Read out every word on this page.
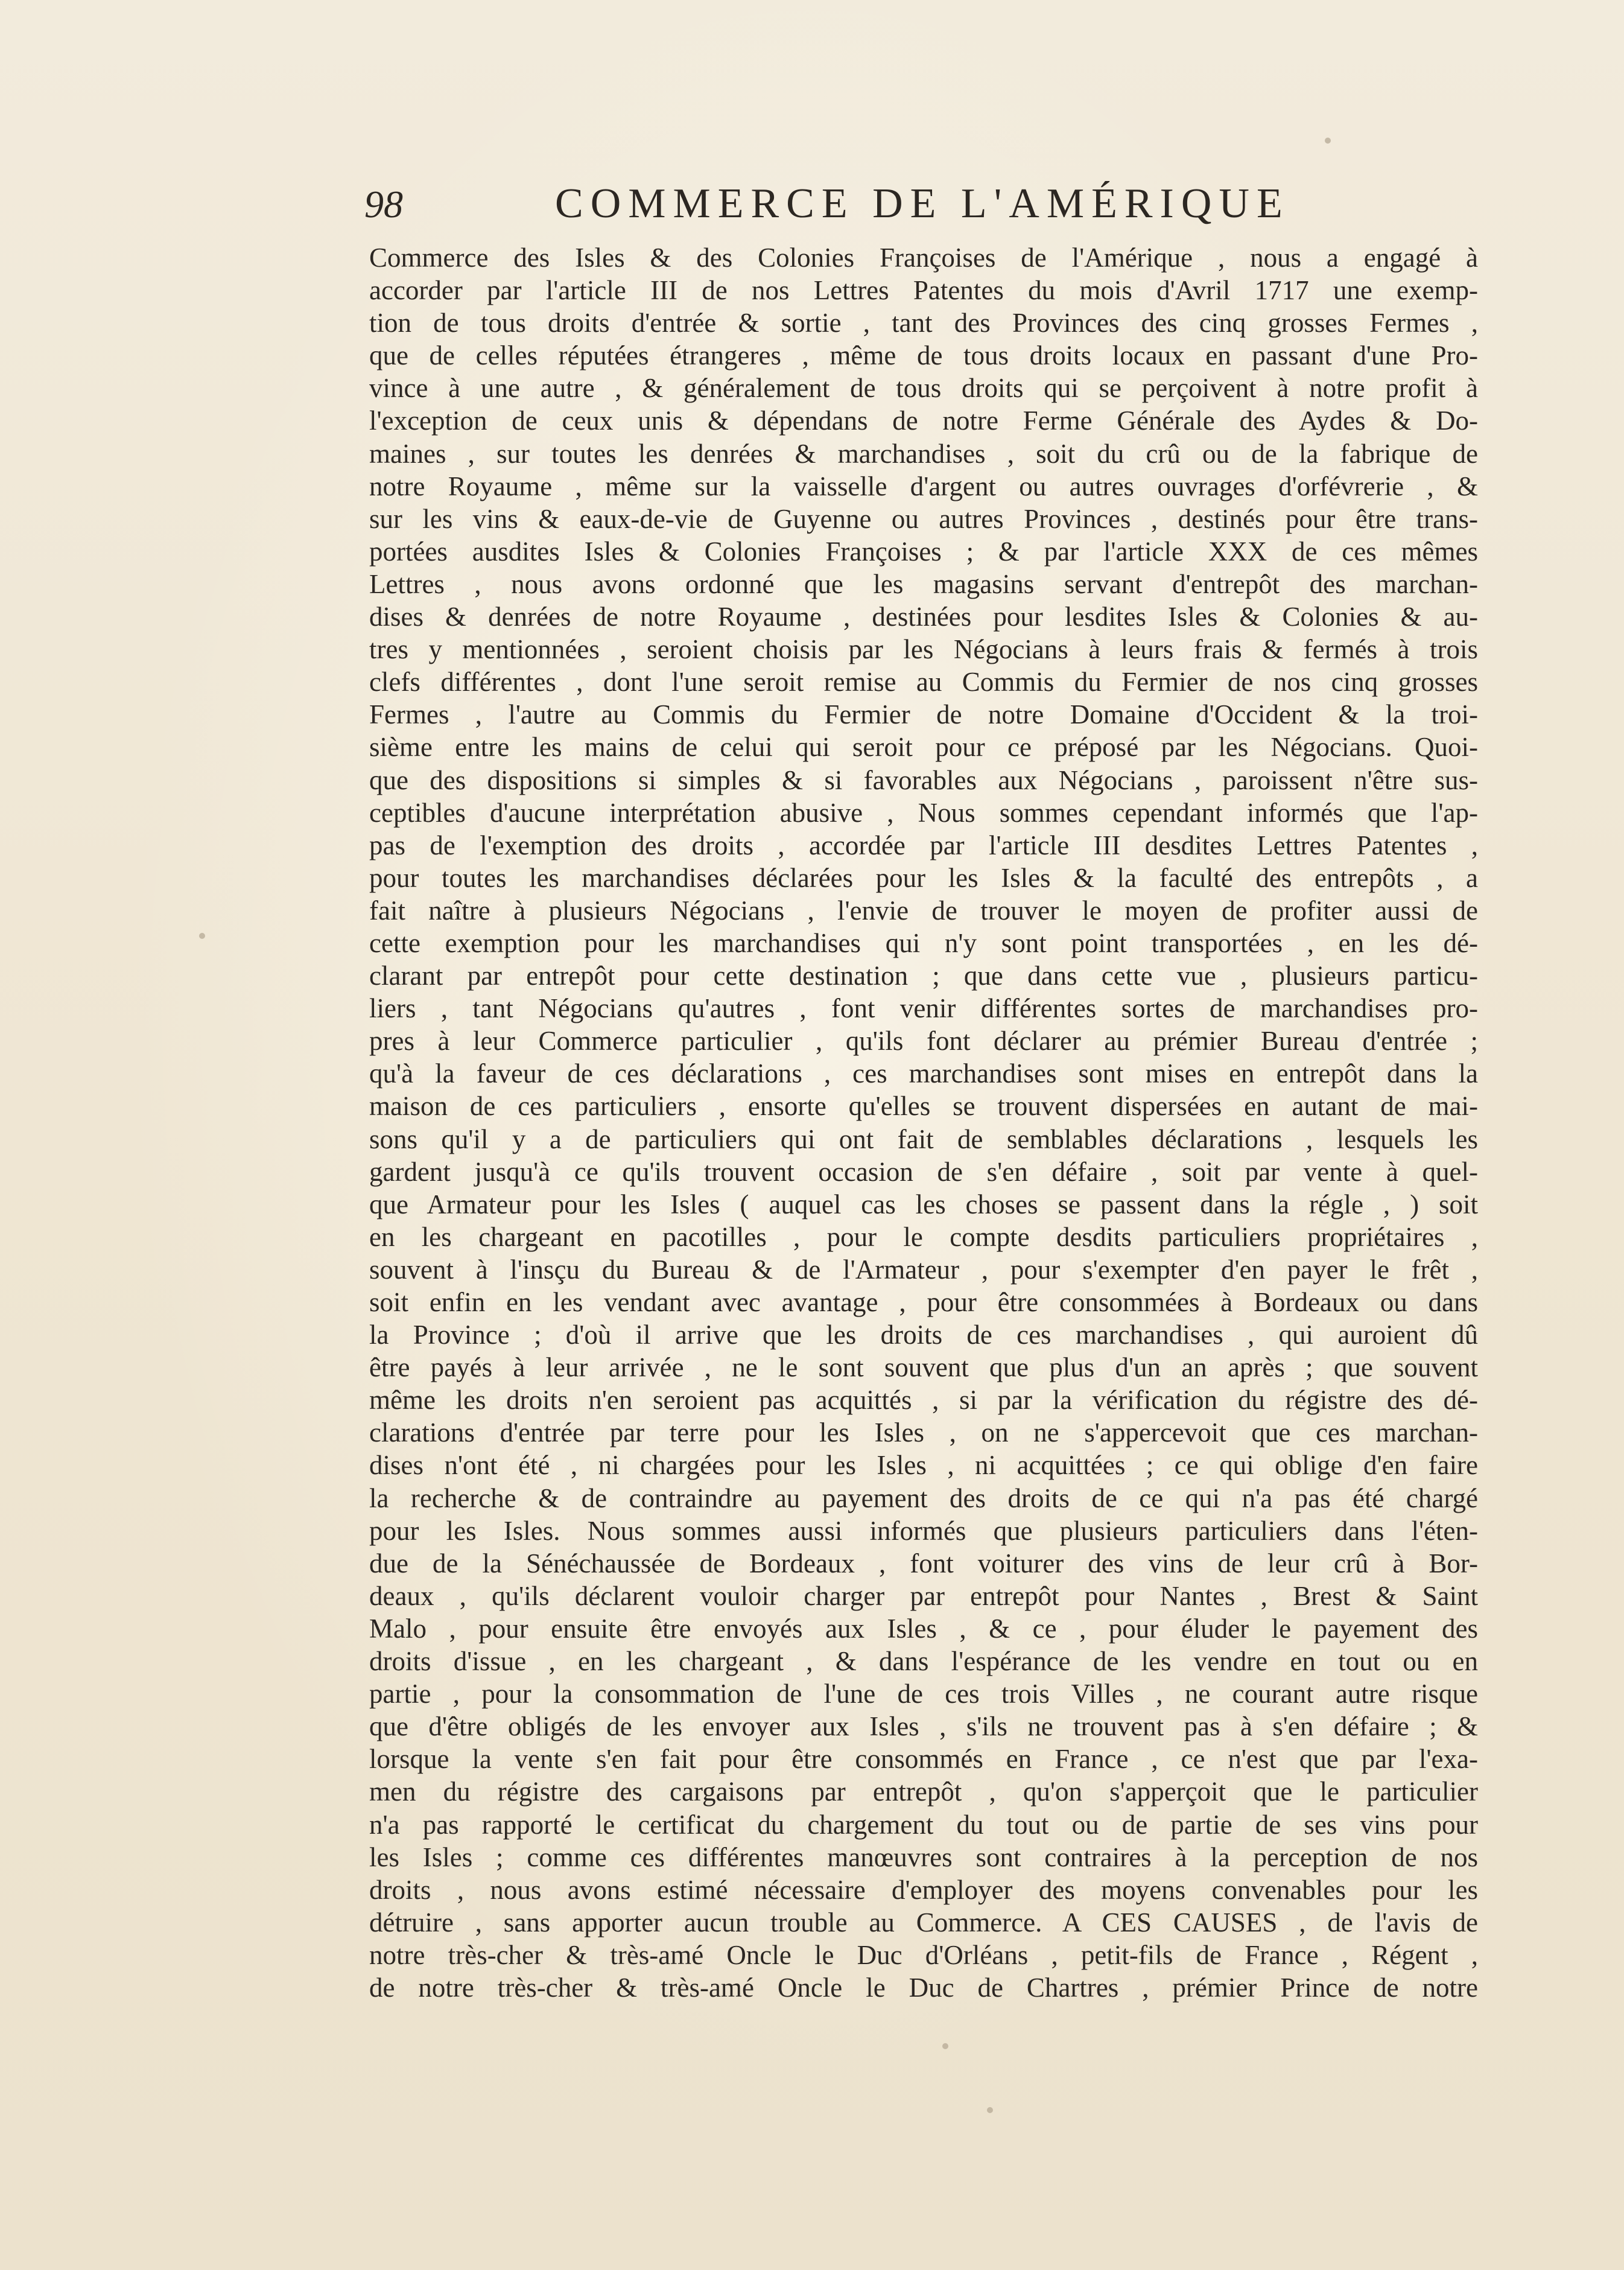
98	COMMERCE DE L'AMÉRIQUE
Commerce des Isles & des Colonies Françoises de l'Amérique , nous a engagé à
accorder par l'article III de nos Lettres Patentes du mois d'Avril 1717 une exemp-
tion de tous droits d'entrée & sortie , tant des Provinces des cinq grosses Fermes ,
que de celles réputées étrangeres , même de tous droits locaux en passant d'une Pro-
vince à une autre , & généralement de tous droits qui se perçoivent à notre profit à
l'exception de ceux unis & dépendans de notre Ferme Générale des Aydes & Do-
maines , sur toutes les denrées & marchandises , soit du crû ou de la fabrique de
notre Royaume , même sur la vaisselle d'argent ou autres ouvrages d'orfévrerie , &
sur les vins & eaux-de-vie de Guyenne ou autres Provinces , destinés pour être trans-
portées ausdites Isles & Colonies Françoises ; & par l'article XXX de ces mêmes
Lettres , nous avons ordonné que les magasins servant d'entrepôt des marchan-
dises & denrées de notre Royaume , destinées pour lesdites Isles & Colonies & au-
tres y mentionnées , seroient choisis par les Négocians à leurs frais & fermés à trois
clefs différentes , dont l'une seroit remise au Commis du Fermier de nos cinq grosses
Fermes , l'autre au Commis du Fermier de notre Domaine d'Occident & la troi-
sième entre les mains de celui qui seroit pour ce préposé par les Négocians. Quoi-
que des dispositions si simples & si favorables aux Négocians , paroissent n'être sus-
ceptibles d'aucune interprétation abusive , Nous sommes cependant informés que l'ap-
pas de l'exemption des droits , accordée par l'article III desdites Lettres Patentes ,
pour toutes les marchandises déclarées pour les Isles & la faculté des entrepôts , a
fait naître à plusieurs Négocians , l'envie de trouver le moyen de profiter aussi de
cette exemption pour les marchandises qui n'y sont point transportées , en les dé-
clarant par entrepôt pour cette destination ; que dans cette vue , plusieurs particu-
liers , tant Négocians qu'autres , font venir différentes sortes de marchandises pro-
pres à leur Commerce particulier , qu'ils font déclarer au prémier Bureau d'entrée ;
qu'à la faveur de ces déclarations , ces marchandises sont mises en entrepôt dans la
maison de ces particuliers , ensorte qu'elles se trouvent dispersées en autant de mai-
sons qu'il y a de particuliers qui ont fait de semblables déclarations , lesquels les
gardent jusqu'à ce qu'ils trouvent occasion de s'en défaire , soit par vente à quel-
que Armateur pour les Isles ( auquel cas les choses se passent dans la régle , ) soit
en les chargeant en pacotilles , pour le compte desdits particuliers propriétaires ,
souvent à l'insçu du Bureau & de l'Armateur , pour s'exempter d'en payer le frêt ,
soit enfin en les vendant avec avantage , pour être consommées à Bordeaux ou dans
la Province ; d'où il arrive que les droits de ces marchandises , qui auroient dû
être payés à leur arrivée , ne le sont souvent que plus d'un an après ; que souvent
même les droits n'en seroient pas acquittés , si par la vérification du régistre des dé-
clarations d'entrée par terre pour les Isles , on ne s'appercevoit que ces marchan-
dises n'ont été , ni chargées pour les Isles , ni acquittées ; ce qui oblige d'en faire
la recherche & de contraindre au payement des droits de ce qui n'a pas été chargé
pour les Isles. Nous sommes aussi informés que plusieurs particuliers dans l'éten-
due de la Sénéchaussée de Bordeaux , font voiturer des vins de leur crû à Bor-
deaux , qu'ils déclarent vouloir charger par entrepôt pour Nantes , Brest & Saint
Malo , pour ensuite être envoyés aux Isles , & ce , pour éluder le payement des
droits d'issue , en les chargeant , & dans l'espérance de les vendre en tout ou en
partie , pour la consommation de l'une de ces trois Villes , ne courant autre risque
que d'être obligés de les envoyer aux Isles , s'ils ne trouvent pas à s'en défaire ; &
lorsque la vente s'en fait pour être consommés en France , ce n'est que par l'exa-
men du régistre des cargaisons par entrepôt , qu'on s'apperçoit que le particulier
n'a pas rapporté le certificat du chargement du tout ou de partie de ses vins pour
les Isles ; comme ces différentes manœuvres sont contraires à la perception de nos
droits , nous avons estimé nécessaire d'employer des moyens convenables pour les
détruire , sans apporter aucun trouble au Commerce. A CES CAUSES , de l'avis de
notre très-cher & très-amé Oncle le Duc d'Orléans , petit-fils de France , Régent ,
de notre très-cher & très-amé Oncle le Duc de Chartres , prémier Prince de notre
